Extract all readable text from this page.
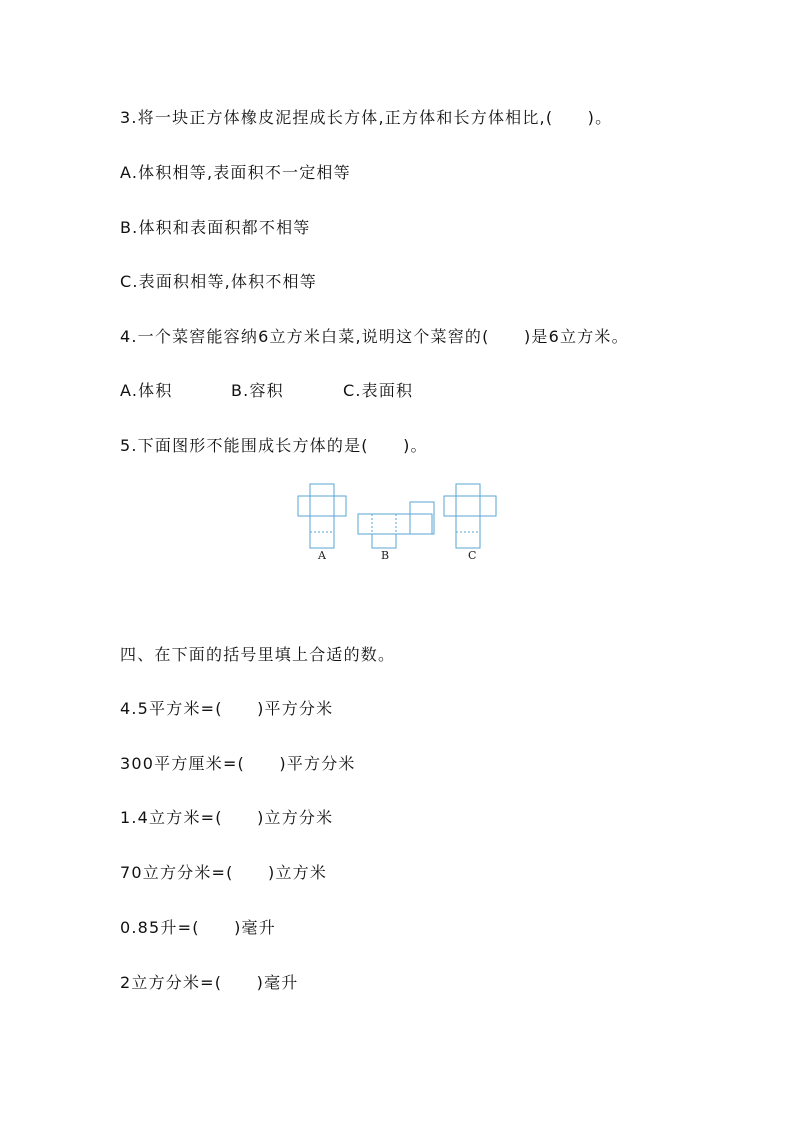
3.将一块正方体橡皮泥捏成长方体,正方体和长方体相比,(　　)。
A.体积相等,表面积不一定相等
B.体积和表面积都不相等
C.表面积相等,体积不相等
4.一个菜窖能容纳6立方米白菜,说明这个菜窖的(　　)是6立方米。
A.体积	B.容积	C.表面积
5.下面图形不能围成长方体的是(　　)。
A	B	C
四、在下面的括号里填上合适的数。
4.5平方米=(　　)平方分米
300平方厘米=(　　)平方分米
1.4立方米=(　　)立方分米
70立方分米=(　　)立方米
0.85升=(　　)毫升
2立方分米=(　　)毫升
